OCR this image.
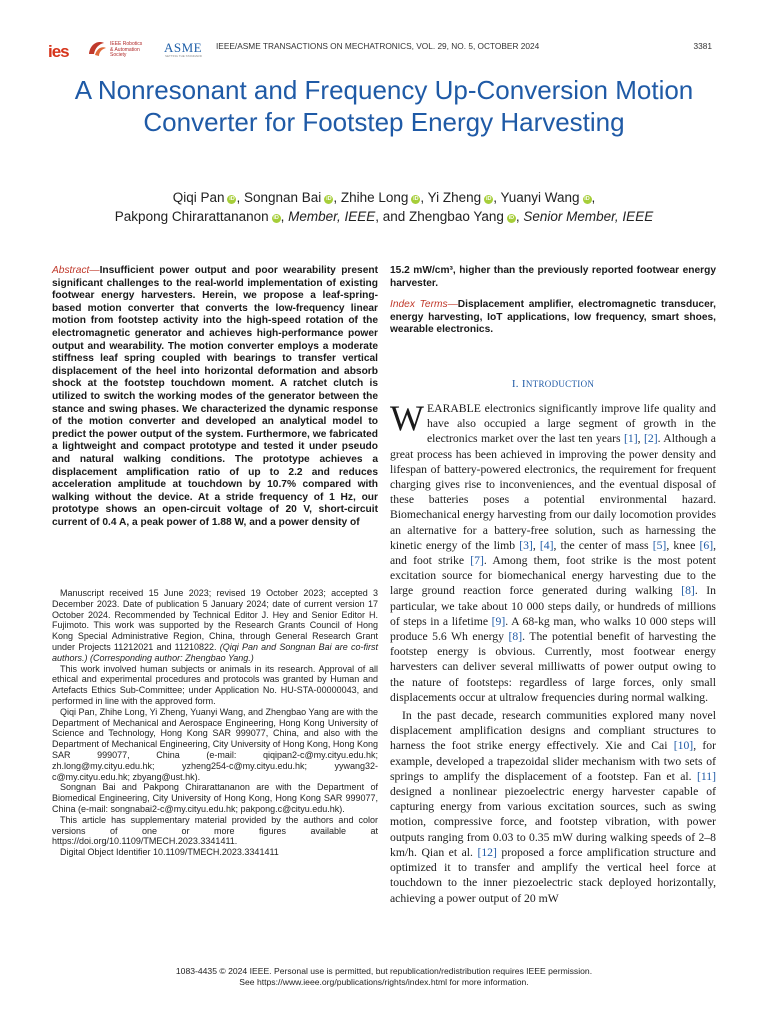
ies	IEEE Robotics
& Automation
Society	ASME
SETTING THE STANDARD
IEEE/ASME TRANSACTIONS ON MECHATRONICS, VOL. 29, NO. 5, OCTOBER 2024	3381
A Nonresonant and Frequency Up-Conversion Motion Converter for Footstep Energy Harvesting
Qiqi Pan iD , Songnan Bai iD , Zhihe Long iD , Yi Zheng iD , Yuanyi Wang iD ,
Pakpong Chirarattananon iD , Member, IEEE, and Zhengbao Yang iD , Senior Member, IEEE

Abstract—Insufficient power output and poor wearability present significant challenges to the real-world implementation of existing footwear energy harvesters. Herein, we propose a leaf-spring-based motion converter that converts the low-frequency linear motion from footstep activity into the high-speed rotation of the electromagnetic generator and achieves high-performance power output and wearability. The motion converter employs a moderate stiffness leaf spring coupled with bearings to transfer vertical displacement of the heel into horizontal deformation and absorb shock at the footstep touchdown moment. A ratchet clutch is utilized to switch the working modes of the generator between the stance and swing phases. We characterized the dynamic response of the motion converter and developed an analytical model to predict the power output of the system. Furthermore, we fabricated a lightweight and compact prototype and tested it under pseudo and natural walking conditions. The prototype achieves a displacement amplification ratio of up to 2.2 and reduces acceleration amplitude at touchdown by 10.7% compared with walking without the device. At a stride frequency of 1 Hz, our prototype shows an open-circuit voltage of 20 V, short-circuit current of 0.4 A, a peak power of 1.88 W, and a power density of

Manuscript received 15 June 2023; revised 19 October 2023; accepted 3 December 2023. Date of publication 5 January 2024; date of current version 17 October 2024. Recommended by Technical Editor J. Hey and Senior Editor H. Fujimoto. This work was supported by the Research Grants Council of Hong Kong Special Administrative Region, China, through General Research Grant under Projects 11212021 and 11210822. (Qiqi Pan and Songnan Bai are co-first authors.) (Corresponding author: Zhengbao Yang.)

This work involved human subjects or animals in its research. Approval of all ethical and experimental procedures and protocols was granted by Human and Artefacts Ethics Sub-Committee; under Application No. HU-STA-00000043, and performed in line with the approved form.

Qiqi Pan, Zhihe Long, Yi Zheng, Yuanyi Wang, and Zhengbao Yang are with the Department of Mechanical and Aerospace Engineering, Hong Kong University of Science and Technology, Hong Kong SAR 999077, China, and also with the Department of Mechanical Engineering, City University of Hong Kong, Hong Kong SAR 999077, China (e-mail: qiqipan2-c@my.cityu.edu.hk; zh.long@my.cityu.edu.hk; yzheng254-c@my.cityu.edu.hk; yywang32-c@my.cityu.edu.hk; zbyang@ust.hk).

Songnan Bai and Pakpong Chirarattananon are with the Department of Biomedical Engineering, City University of Hong Kong, Hong Kong SAR 999077, China (e-mail: songnabai2-c@my.cityu.edu.hk; pakpong.c@cityu.edu.hk).

This article has supplementary material provided by the authors and color versions of one or more figures available at https://doi.org/10.1109/TMECH.2023.3341411.

Digital Object Identifier 10.1109/TMECH.2023.3341411

15.2 mW/cm³, higher than the previously reported footwear energy harvester.

Index Terms—Displacement amplifier, electromagnetic transducer, energy harvesting, IoT applications, low frequency, smart shoes, wearable electronics.

I. INTRODUCTION

WEARABLE electronics significantly improve life quality and have also occupied a large segment of growth in the electronics market over the last ten years [1], [2]. Although a great process has been achieved in improving the power density and lifespan of battery-powered electronics, the requirement for frequent charging gives rise to inconveniences, and the eventual disposal of these batteries poses a potential environmental hazard. Biomechanical energy harvesting from our daily locomotion provides an alternative for a battery-free solution, such as harnessing the kinetic energy of the limb [3], [4], the center of mass [5], knee [6], and foot strike [7]. Among them, foot strike is the most potent excitation source for biomechanical energy harvesting due to the large ground reaction force generated during walking [8]. In particular, we take about 10 000 steps daily, or hundreds of millions of steps in a lifetime [9]. A 68-kg man, who walks 10 000 steps will produce 5.6 Wh energy [8]. The potential benefit of harvesting the footstep energy is obvious. Currently, most footwear energy harvesters can deliver several milliwatts of power output owing to the nature of footsteps: regardless of large forces, only small displacements occur at ultralow frequencies during normal walking.

In the past decade, research communities explored many novel displacement amplification designs and compliant structures to harness the foot strike energy effectively. Xie and Cai [10], for example, developed a trapezoidal slider mechanism with two sets of springs to amplify the displacement of a footstep. Fan et al. [11] designed a nonlinear piezoelectric energy harvester capable of capturing energy from various excitation sources, such as swing motion, compressive force, and footstep vibration, with power outputs ranging from 0.03 to 0.35 mW during walking speeds of 2–8 km/h. Qian et al. [12] proposed a force amplification structure and optimized it to transfer and amplify the vertical heel force at touchdown to the inner piezoelectric stack deployed horizontally, achieving a power output of 20 mW

1083-4435 © 2024 IEEE. Personal use is permitted, but republication/redistribution requires IEEE permission.
See https://www.ieee.org/publications/rights/index.html for more information.
